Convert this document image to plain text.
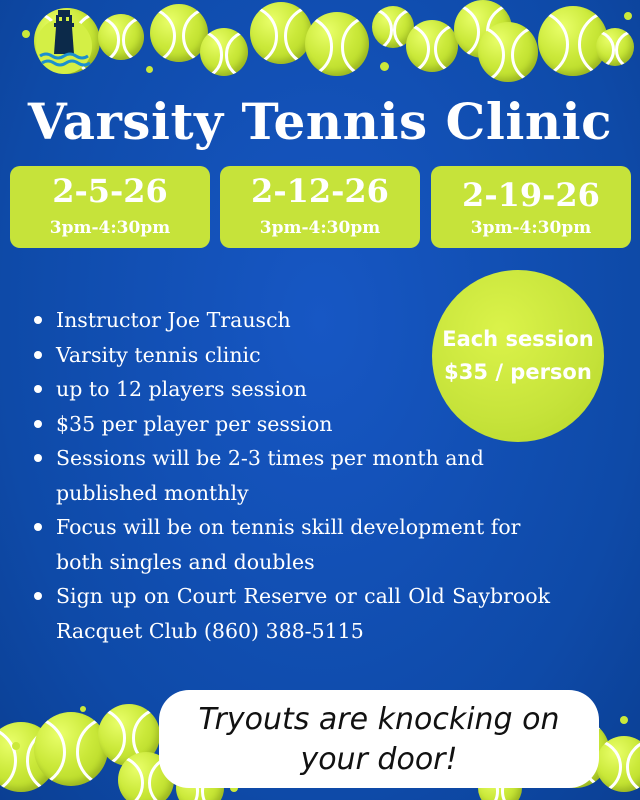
Varsity Tennis Clinic
2-5-26
3pm-4:30pm
2-12-26
3pm-4:30pm
2-19-26
3pm-4:30pm
Each session
$35 / person
Instructor Joe Trausch
Varsity tennis clinic
up to 12 players session
$35 per player per session
Sessions will be 2-3 times per month and published monthly
Focus will be on tennis skill development for both singles and doubles
Sign up on Court Reserve or call Old Saybrook Racquet Club (860) 388-5115
Tryouts are knocking on
your door!
